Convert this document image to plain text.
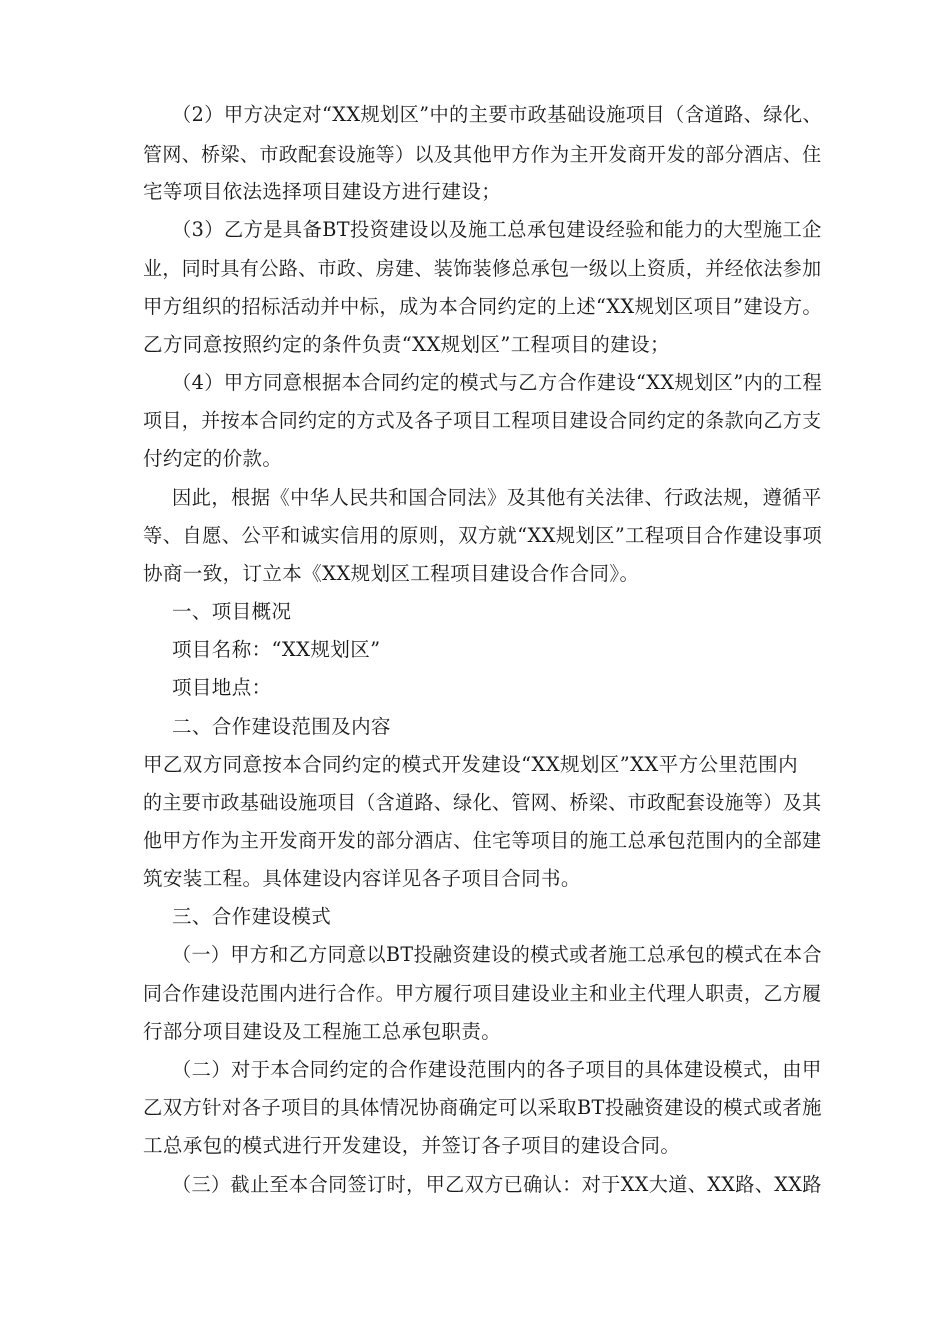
（2）甲方决定对“XX规划区”中的主要市政基础设施项目（含道路、绿化、
管网、桥梁、市政配套设施等）以及其他甲方作为主开发商开发的部分酒店、住
宅等项目依法选择项目建设方进行建设；
（3）乙方是具备BT投资建设以及施工总承包建设经验和能力的大型施工企
业，同时具有公路、市政、房建、装饰装修总承包一级以上资质，并经依法参加
甲方组织的招标活动并中标，成为本合同约定的上述“XX规划区项目”建设方。
乙方同意按照约定的条件负责“XX规划区”工程项目的建设；
（4）甲方同意根据本合同约定的模式与乙方合作建设“XX规划区”内的工程
项目，并按本合同约定的方式及各子项目工程项目建设合同约定的条款向乙方支
付约定的价款。
因此，根据《中华人民共和国合同法》及其他有关法律、行政法规，遵循平
等、自愿、公平和诚实信用的原则，双方就“XX规划区”工程项目合作建设事项
协商一致，订立本《XX规划区工程项目建设合作合同》。
一、项目概况
项目名称：“XX规划区”
项目地点：
二、合作建设范围及内容
甲乙双方同意按本合同约定的模式开发建设“XX规划区”XX平方公里范围内
的主要市政基础设施项目（含道路、绿化、管网、桥梁、市政配套设施等）及其
他甲方作为主开发商开发的部分酒店、住宅等项目的施工总承包范围内的全部建
筑安装工程。具体建设内容详见各子项目合同书。
三、合作建设模式
（一）甲方和乙方同意以BT投融资建设的模式或者施工总承包的模式在本合
同合作建设范围内进行合作。甲方履行项目建设业主和业主代理人职责，乙方履
行部分项目建设及工程施工总承包职责。
（二）对于本合同约定的合作建设范围内的各子项目的具体建设模式，由甲
乙双方针对各子项目的具体情况协商确定可以采取BT投融资建设的模式或者施
工总承包的模式进行开发建设，并签订各子项目的建设合同。
（三）截止至本合同签订时，甲乙双方已确认：对于XX大道、XX路、XX路
